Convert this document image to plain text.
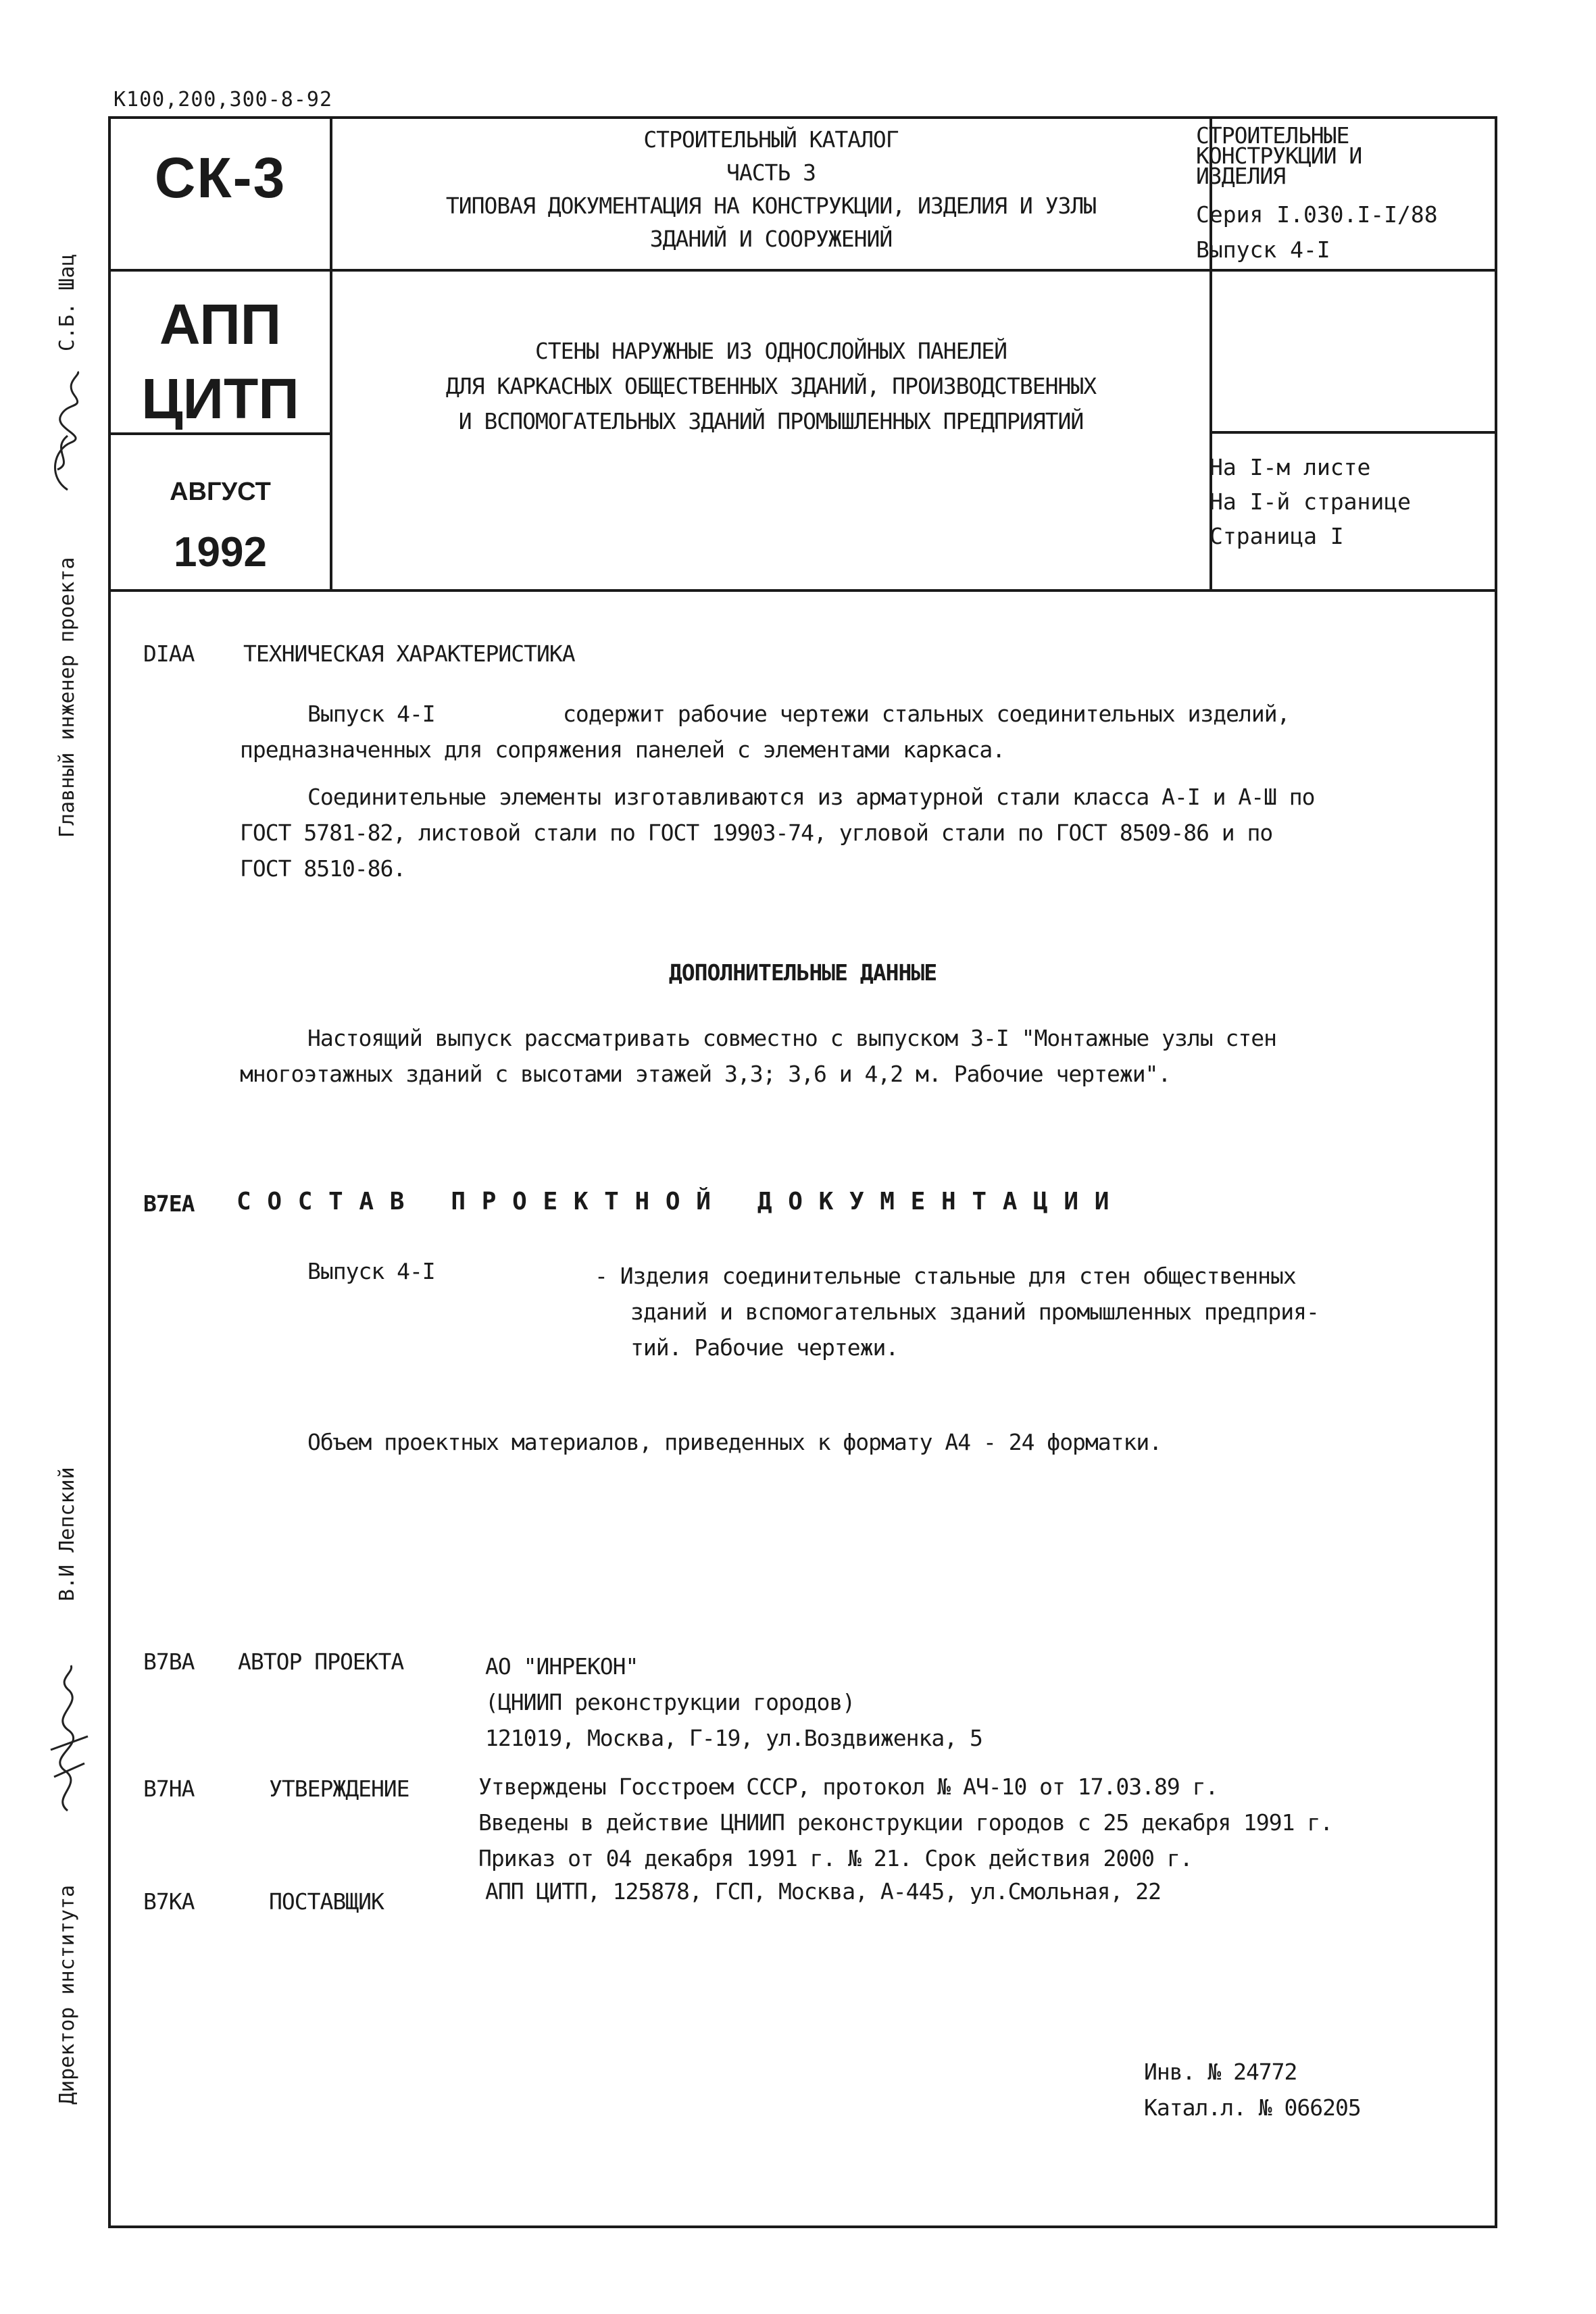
К100,200,300-8-92
СК-3
СТРОИТЕЛЬНЫЙ КАТАЛОГ
ЧАСТЬ 3
ТИПОВАЯ ДОКУМЕНТАЦИЯ НА КОНСТРУКЦИИ, ИЗДЕЛИЯ И УЗЛЫ
ЗДАНИЙ И СООРУЖЕНИЙ
СТРОИТЕЛЬНЫЕ
КОНСТРУКЦИИ И
ИЗДЕЛИЯ
Серия I.030.I-I/88
Выпуск 4-I
АПП
ЦИТП
СТЕНЫ НАРУЖНЫЕ ИЗ ОДНОСЛОЙНЫХ ПАНЕЛЕЙ
ДЛЯ КАРКАСНЫХ ОБЩЕСТВЕННЫХ ЗДАНИЙ, ПРОИЗВОДСТВЕННЫХ
И ВСПОМОГАТЕЛЬНЫХ ЗДАНИЙ ПРОМЫШЛЕННЫХ ПРЕДПРИЯТИЙ
АВГУСТ
1992
На I-м листе
На I-й странице
Страница I
DIAA ТЕХНИЧЕСКАЯ ХАРАКТЕРИСТИКА
Выпуск 4-I	содержит рабочие чертежи стальных соединительных изделий,
предназначенных для сопряжения панелей с элементами каркаса.
Соединительные элементы изготавливаются из арматурной стали класса А-I и А-Ш по
ГОСТ 5781-82, листовой стали по ГОСТ 19903-74, угловой стали по ГОСТ 8509-86 и по
ГОСТ 8510-86.
ДОПОЛНИТЕЛЬНЫЕ ДАННЫЕ
Настоящий выпуск рассматривать совместно с выпуском 3-I "Монтажные узлы стен
многоэтажных зданий с высотами этажей 3,3; 3,6 и 4,2 м. Рабочие чертежи".
В7ЕА С О С Т А В   П Р О Е К Т Н О Й   Д О К У М Е Н Т А Ц И И
Выпуск 4-I	- Изделия соединительные стальные для стен общественных
зданий и вспомогательных зданий промышленных предприя-
тий. Рабочие чертежи.
Объем проектных материалов, приведенных к формату А4 - 24 форматки.
В7ВА АВТОР ПРОЕКТА	АО "ИНРЕКОН"
(ЦНИИП реконструкции городов)
121019, Москва, Г-19, ул.Воздвиженка, 5
В7НА	УТВЕРЖДЕНИЕ	Утверждены Госстроем СССР, протокол № АЧ-10 от 17.03.89 г.
Введены в действие ЦНИИП реконструкции городов с 25 декабря 1991 г.
Приказ от 04 декабря 1991 г. № 21. Срок действия 2000 г.
В7КА	ПОСТАВЩИК	АПП ЦИТП, 125878, ГСП, Москва, А-445, ул.Смольная, 22
Инв. № 24772
Катал.л. № 066205
Главный инженер проекта
С.Б. Шац
Директор института
В.И Лепский
